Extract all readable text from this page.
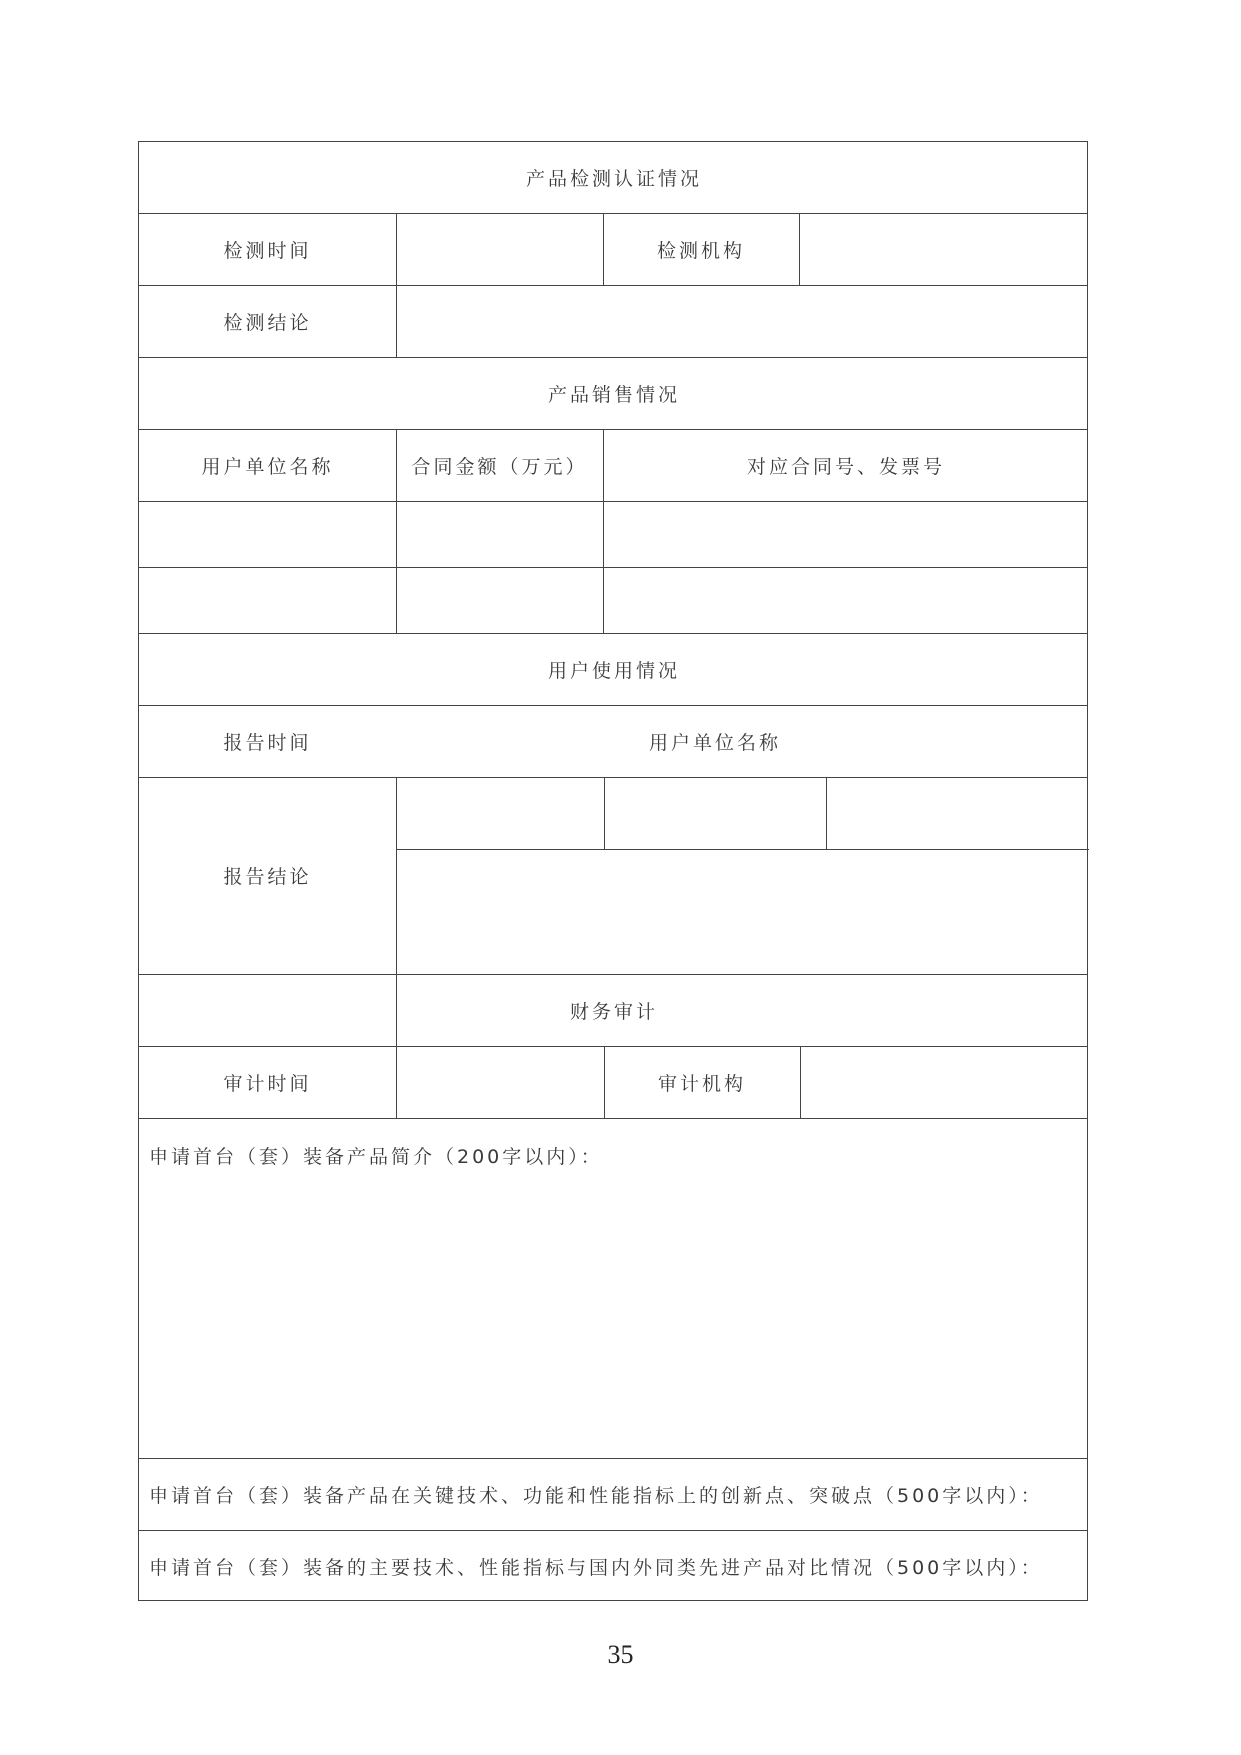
产品检测认证情况
检测时间	检测机构
检测结论
产品销售情况
用户单位名称	合同金额（万元）	对应合同号、发票号
用户使用情况
报告时间	用户单位名称
报告结论
财务审计
审计时间	审计机构
申请首台（套）装备产品简介（200字以内）：
申请首台（套）装备产品在关键技术、功能和性能指标上的创新点、突破点（500字以内）：
申请首台（套）装备的主要技术、性能指标与国内外同类先进产品对比情况（500字以内）：
35
